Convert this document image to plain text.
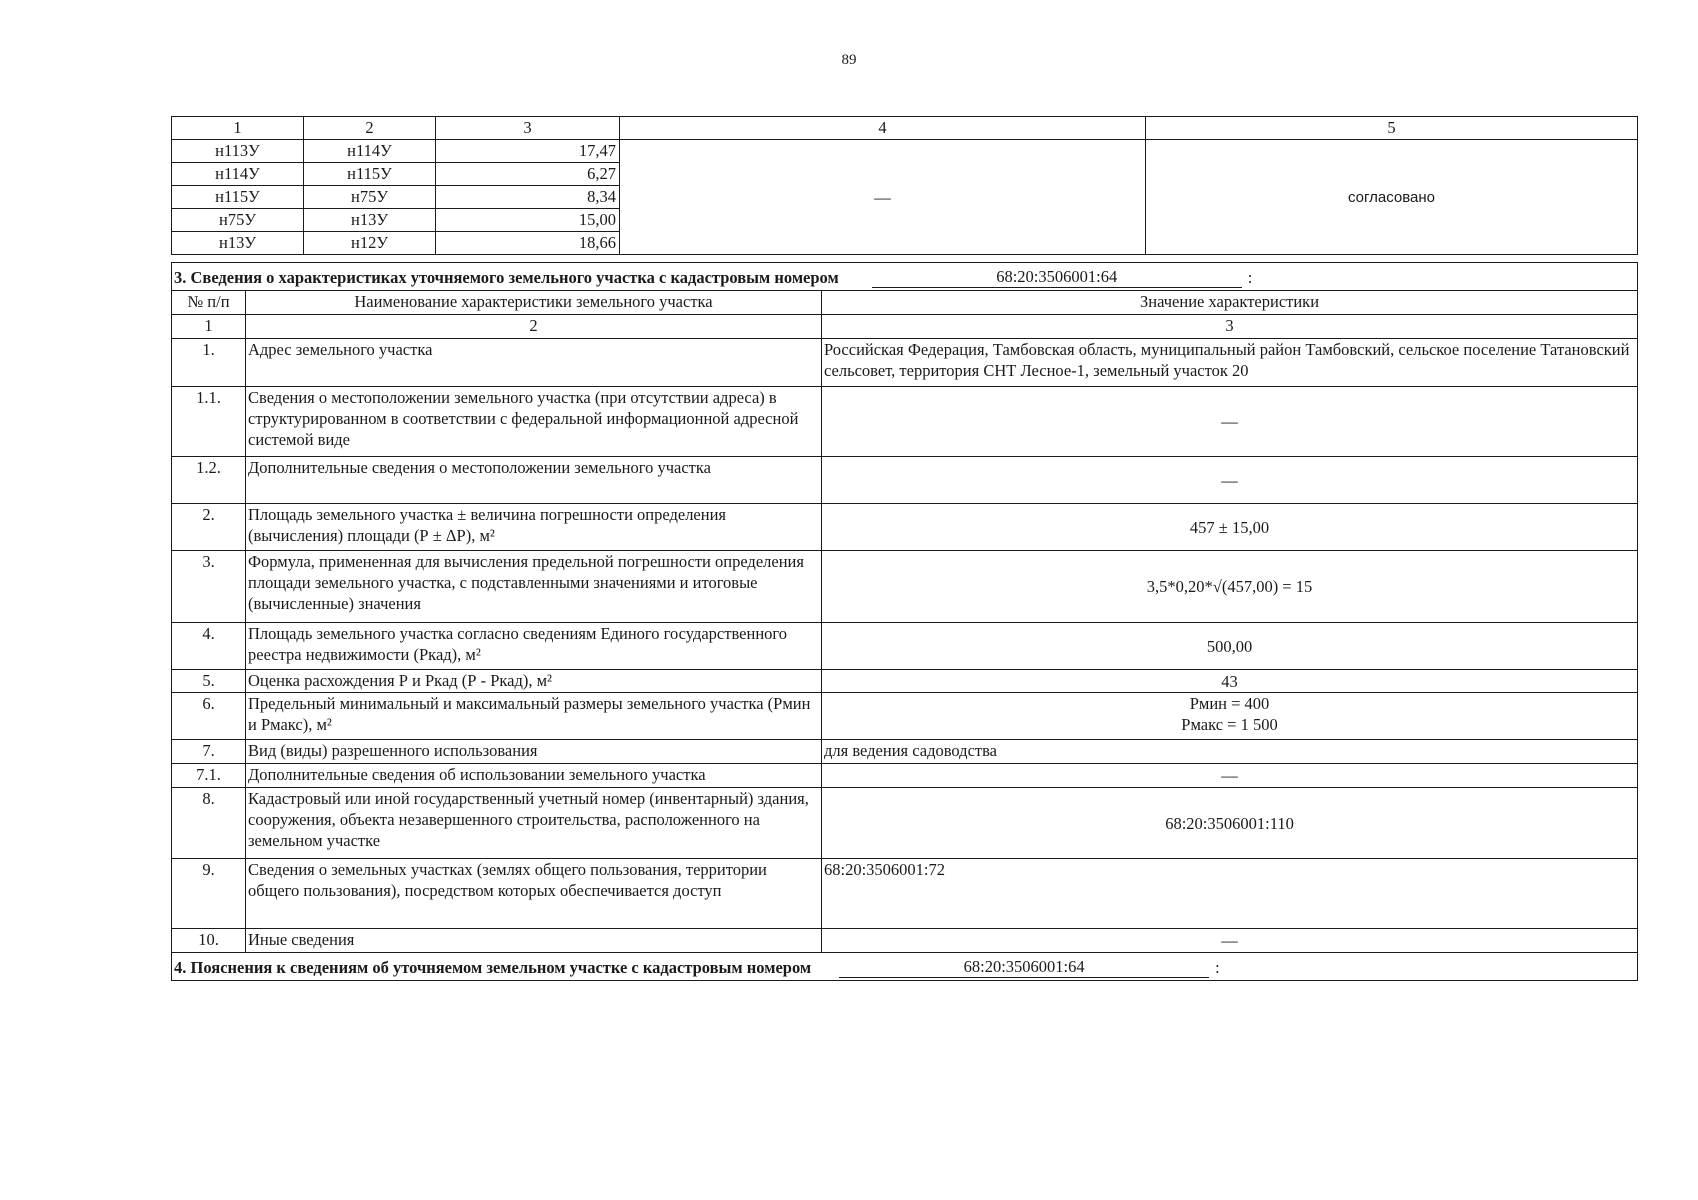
89
1	2	3	4	5
н113У	н114У	17,47	—	согласовано
н114У	н115У	6,27		
н115У	н75У	8,34		
н75У	н13У	15,00		
н13У	н12У	18,66		
3. Сведения о характеристиках уточняемого земельного участка с кадастровым номером 68:20:3506001:64 :		

№ п/п	Наименование характеристики земельного участка	Значение характеристики
1	2	3
1.	Адрес земельного участка	Российская Федерация, Тамбовская область, муниципальный район Тамбовский, сельское поселение Татановский сельсовет, территория СНТ Лесное-1, земельный участок 20
1.1.	Сведения о местоположении земельного участка (при отсутствии адреса) в структурированном в соответствии с федеральной информационной адресной системой виде	—
1.2.	Дополнительные сведения о местоположении земельного участка	—
2.	Площадь земельного участка ± величина погрешности определения (вычисления) площади (Р ± ΔР), м²	457 ± 15,00
3.	Формула, примененная для вычисления предельной погрешности определения площади земельного участка, с подставленными значениями и итоговые (вычисленные) значения	3,5*0,20*√(457,00) = 15
4.	Площадь земельного участка согласно сведениям Единого государственного реестра недвижимости (Ркад), м²	500,00
5.	Оценка расхождения Р и Ркад (Р - Ркад), м²	43
6.	Предельный минимальный и максимальный размеры земельного участка (Рмин и Рмакс), м²	Рмин = 400
Рмакс = 1 500

7.	Вид (виды) разрешенного использования	для ведения садоводства
7.1.	Дополнительные сведения об использовании земельного участка	—
8.	Кадастровый или иной государственный учетный номер (инвентарный) здания, сооружения, объекта незавершенного строительства, расположенного на земельном участке	68:20:3506001:110
9.	Сведения о земельных участках (землях общего пользования, территории общего пользования), посредством которых обеспечивается доступ	68:20:3506001:72
10.	Иные сведения	—

4. Пояснения к сведениям об уточняемом земельном участке с кадастровым номером 68:20:3506001:64 :		
